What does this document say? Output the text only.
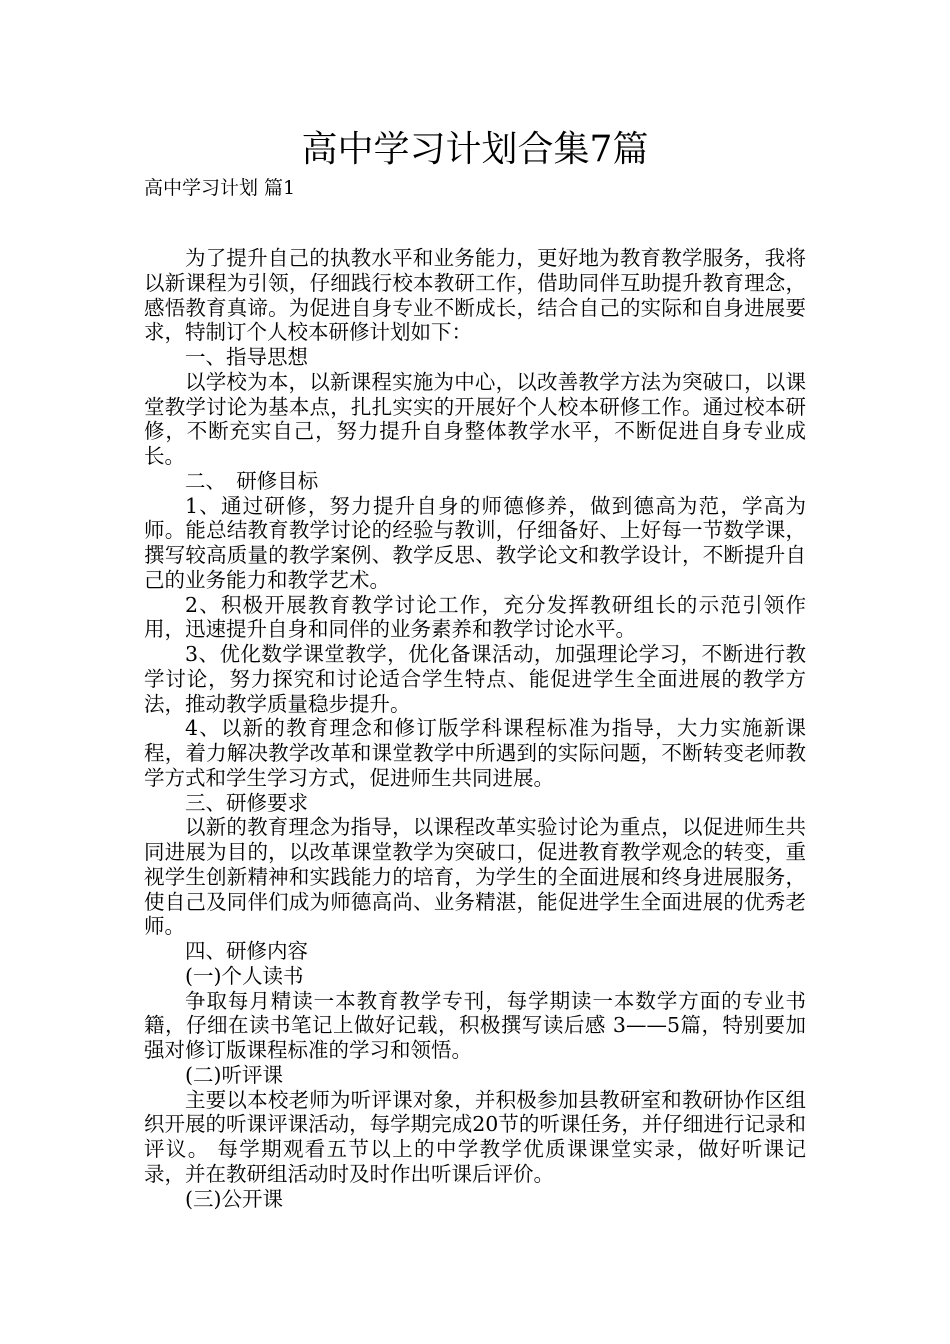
高中学习计划合集7篇
高中学习计划 篇1

为了提升自己的执教水平和业务能力，更好地为教育教学服务，我将以新课程为引领，仔细践行校本教研工作，借助同伴互助提升教育理念，感悟教育真谛。为促进自身专业不断成长，结合自己的实际和自身进展要求，特制订个人校本研修计划如下：

一、指导思想

以学校为本，以新课程实施为中心，以改善教学方法为突破口，以课堂教学讨论为基本点，扎扎实实的开展好个人校本研修工作。通过校本研修，不断充实自己，努力提升自身整体教学水平，不断促进自身专业成长。

二、　研修目标

1、通过研修，努力提升自身的师德修养，做到德高为范，学高为师。能总结教育教学讨论的经验与教训，仔细备好、上好每一节数学课，撰写较高质量的教学案例、教学反思、教学论文和教学设计，不断提升自己的业务能力和教学艺术。

2、积极开展教育教学讨论工作，充分发挥教研组长的示范引领作用，迅速提升自身和同伴的业务素养和教学讨论水平。

3、优化数学课堂教学，优化备课活动，加强理论学习，不断进行教学讨论，努力探究和讨论适合学生特点、能促进学生全面进展的教学方法，推动教学质量稳步提升。

4、以新的教育理念和修订版学科课程标准为指导，大力实施新课程，着力解决教学改革和课堂教学中所遇到的实际问题，不断转变老师教学方式和学生学习方式，促进师生共同进展。

三、研修要求

以新的教育理念为指导，以课程改革实验讨论为重点，以促进师生共同进展为目的，以改革课堂教学为突破口，促进教育教学观念的转变，重视学生创新精神和实践能力的培育，为学生的全面进展和终身进展服务，使自己及同伴们成为师德高尚、业务精湛，能促进学生全面进展的优秀老师。

四、研修内容

(一)个人读书

争取每月精读一本教育教学专刊，每学期读一本数学方面的专业书籍，仔细在读书笔记上做好记载，积极撰写读后感 3——5篇，特别要加强对修订版课程标准的学习和领悟。

(二)听评课

主要以本校老师为听评课对象，并积极参加县教研室和教研协作区组织开展的听课评课活动，每学期完成20节的听课任务，并仔细进行记录和评议。 每学期观看五节以上的中学教学优质课课堂实录，做好听课记录，并在教研组活动时及时作出听课后评价。

(三)公开课
